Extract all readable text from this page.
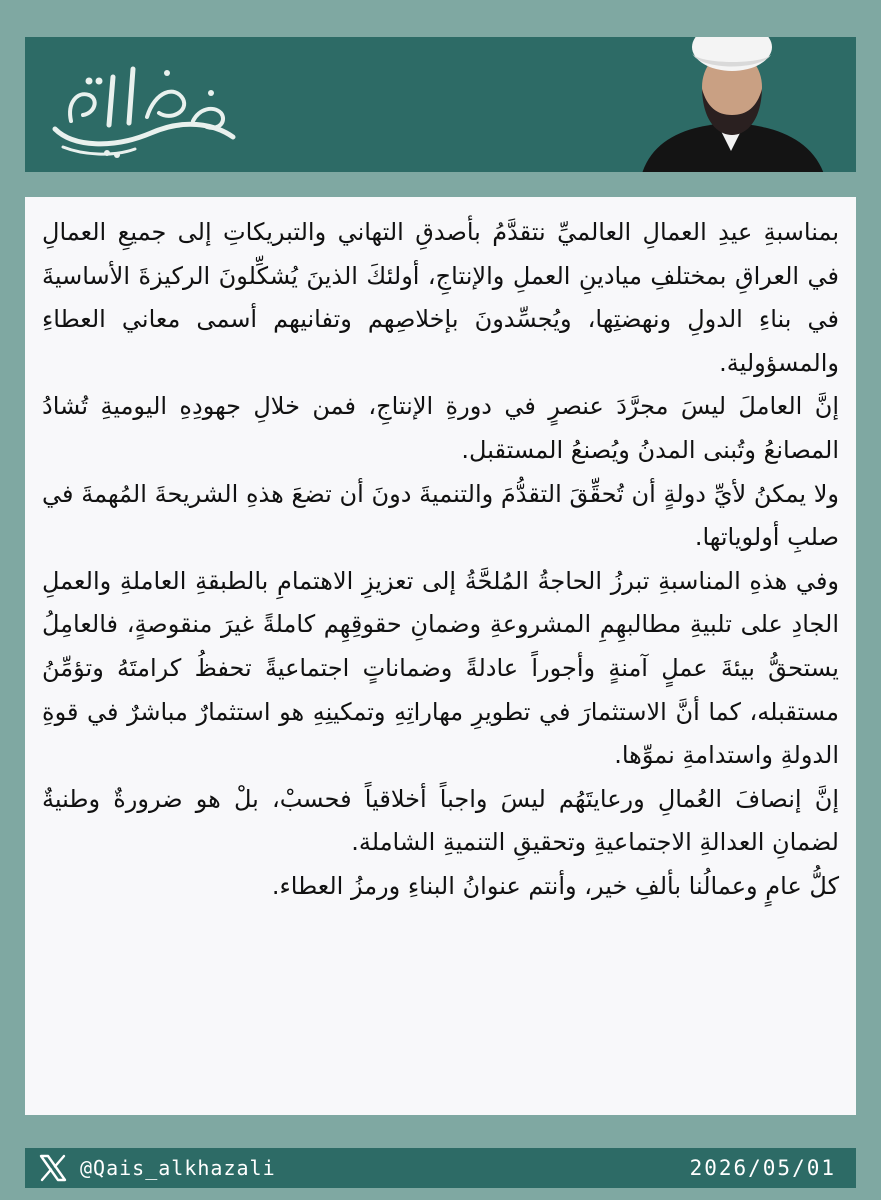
بمناسبةِ عيدِ العمالِ العالميِّ نتقدَّمُ بأصدقِ التهاني والتبريكاتِ إلى جميعِ العمالِ في العراقِ بمختلفِ ميادينِ العملِ والإنتاجِ، أولئكَ الذينَ يُشكِّلونَ الركيزةَ الأساسيةَ في بناءِ الدولِ ونهضتِها، ويُجسِّدونَ بإخلاصِهم وتفانيهم أسمى معاني العطاءِ والمسؤولية.

إنَّ العاملَ ليسَ مجرَّدَ عنصرٍ في دورةِ الإنتاجِ، فمن خلالِ جهودِهِ اليوميةِ تُشادُ المصانعُ وتُبنى المدنُ ويُصنعُ المستقبل.

ولا يمكنُ لأيِّ دولةٍ أن تُحقِّقَ التقدُّمَ والتنميةَ دونَ أن تضعَ هذهِ الشريحةَ المُهمةَ في صلبِ أولوياتها.

وفي هذهِ المناسبةِ تبرزُ الحاجةُ المُلحَّةُ إلى تعزيزِ الاهتمامِ بالطبقةِ العاملةِ والعملِ الجادِ على تلبيةِ مطالبهِمِ المشروعةِ وضمانِ حقوقِهِم كاملةً غيرَ منقوصةٍ، فالعامِلُ يستحقُّ بيئةَ عملٍ آمنةٍ وأجوراً عادلةً وضماناتٍ اجتماعيةً تحفظُ كرامتَهُ وتؤمِّنُ مستقبله، كما أنَّ الاستثمارَ في تطويرِ مهاراتِهِ وتمكينِهِ هو استثمارٌ مباشرٌ في قوةِ الدولةِ واستدامةِ نموِّها.

إنَّ إنصافَ العُمالِ ورعايتَهُم ليسَ واجباً أخلاقياً فحسبْ، بلْ هو ضرورةٌ وطنيةٌ لضمانِ العدالةِ الاجتماعيةِ وتحقيقِ التنميةِ الشاملة.

كلُّ عامٍ وعمالُنا بألفِ خير، وأنتم عنوانُ البناءِ ورمزُ العطاء.

@Qais_alkhazali	2026/05/01
